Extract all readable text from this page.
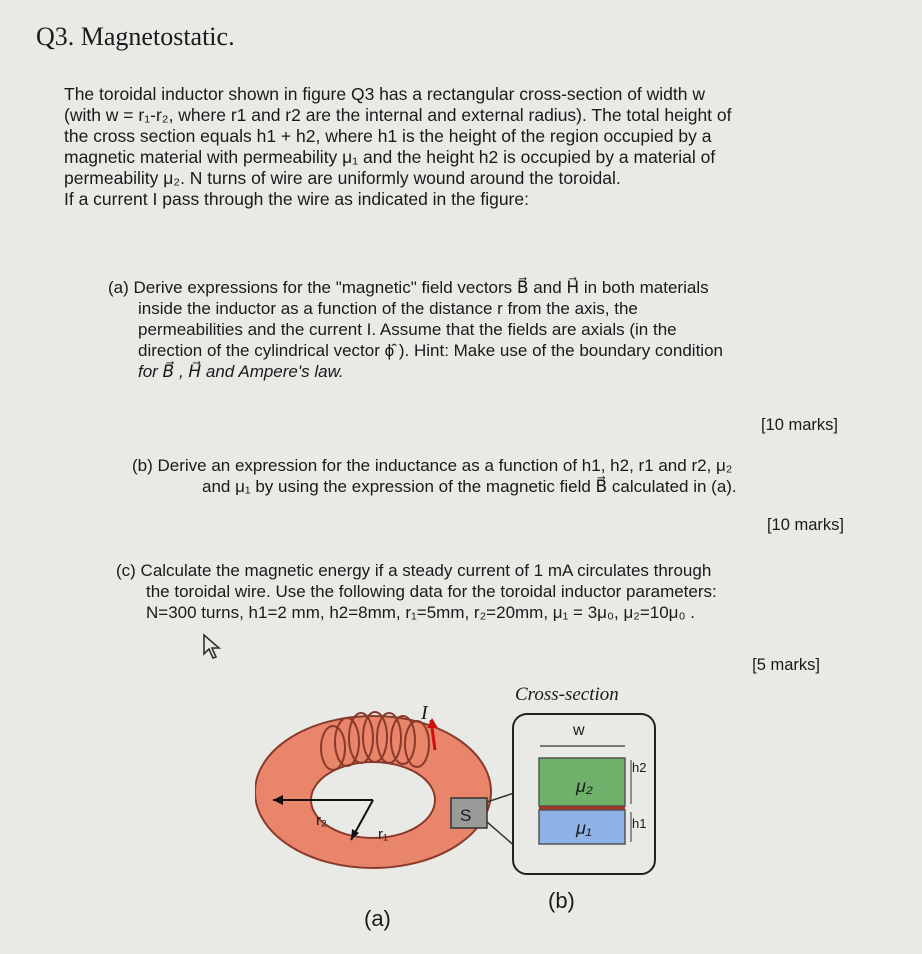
Q3. Magnetostatic.

The toroidal inductor shown in figure Q3 has a rectangular cross-section of width w

(with w = r₁-r₂, where r1 and r2 are the internal and external radius). The total height of

the cross section equals h1 + h2, where h1 is the height of the region occupied by a

magnetic material with permeability μ₁ and the height h2 is occupied by a material of

permeability μ₂. N turns of wire are uniformly wound around the toroidal.

If a current I pass through the wire as indicated in the figure:

(a) Derive expressions for the "magnetic" field vectors B⃗ and H⃗ in both materials

inside the inductor as a function of the distance r from the axis, the

permeabilities and the current I. Assume that the fields are axials (in the

direction of the cylindrical vector ϕ̂ ). Hint: Make use of the boundary condition

for B⃗ , H⃗ and Ampere's law.

[10 marks]

(b) Derive an expression for the inductance as a function of h1, h2, r1 and r2, μ₂

and μ₁ by using the expression of the magnetic field B⃗ calculated in (a).

[10 marks]

(c) Calculate the magnetic energy if a steady current of 1 mA circulates through

the toroidal wire. Use the following data for the toroidal inductor parameters:

N=300 turns, h1=2 mm, h2=8mm, r₁=5mm, r₂=20mm, μ₁ = 3μ₀, μ₂=10μ₀ .

[5 marks]
w
h2
h1
μ₂
μ₁
Cross-section
I
r₁
r₂	S
(a)
(b)
